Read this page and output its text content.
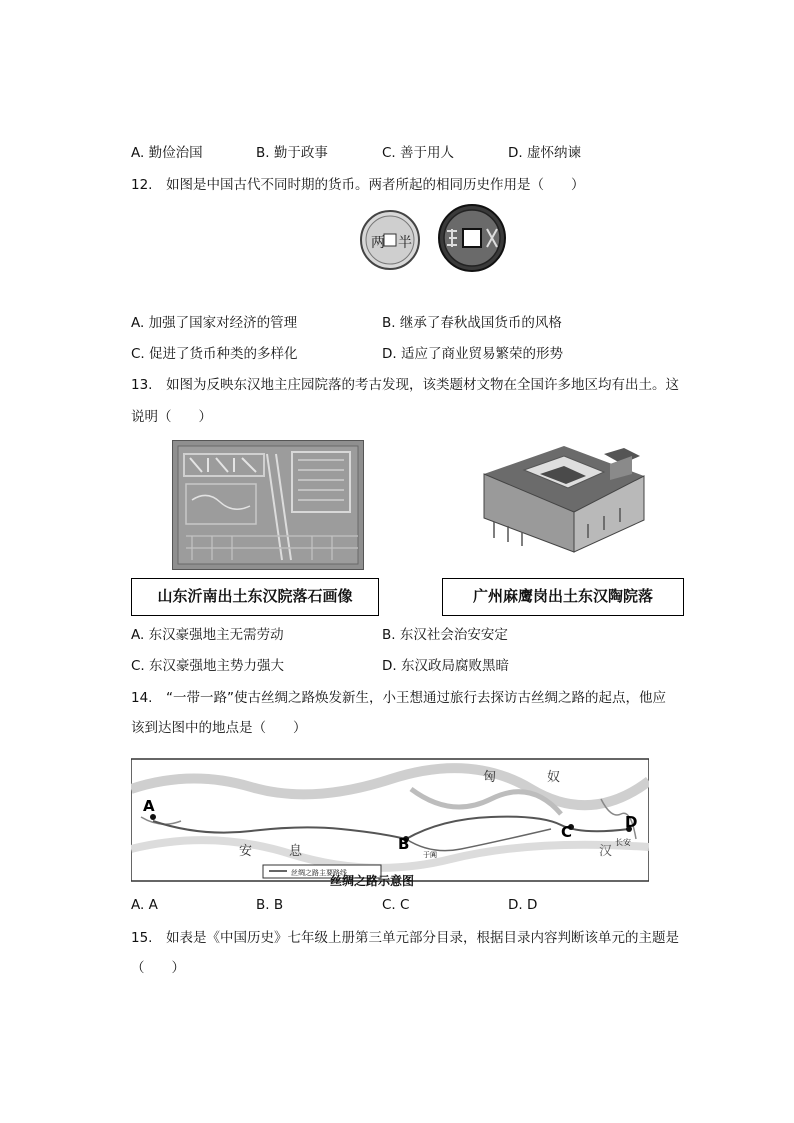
A. 勤俭治国	B. 勤于政事	C. 善于用人	D. 虚怀纳谏
12.　如图是中国古代不同时期的货币。两者所起的相同历史作用是（　　）
两 半
A. 加强了国家对经济的管理	B. 继承了春秋战国货币的风格
C. 促进了货币种类的多样化	D. 适应了商业贸易繁荣的形势
13.　如图为反映东汉地主庄园院落的考古发现，该类题材文物在全国许多地区均有出土。这
说明（　　）
山东沂南出土东汉院落石画像	广州麻鹰岗出土东汉陶院落
A. 东汉豪强地主无需劳动	B. 东汉社会治安安定
C. 东汉豪强地主势力强大	D. 东汉政局腐败黑暗
14.　“一带一路”使古丝绸之路焕发新生，小王想通过旅行去探访古丝绸之路的起点，他应
该到达图中的地点是（　　）
A
B
C
D
匈	奴
汉
安	息
长安
于阗
丝绸之路主要路线
丝绸之路示意图
A. A	B. B	C. C	D. D
15.　如表是《中国历史》七年级上册第三单元部分目录，根据目录内容判断该单元的主题是
（　　）
